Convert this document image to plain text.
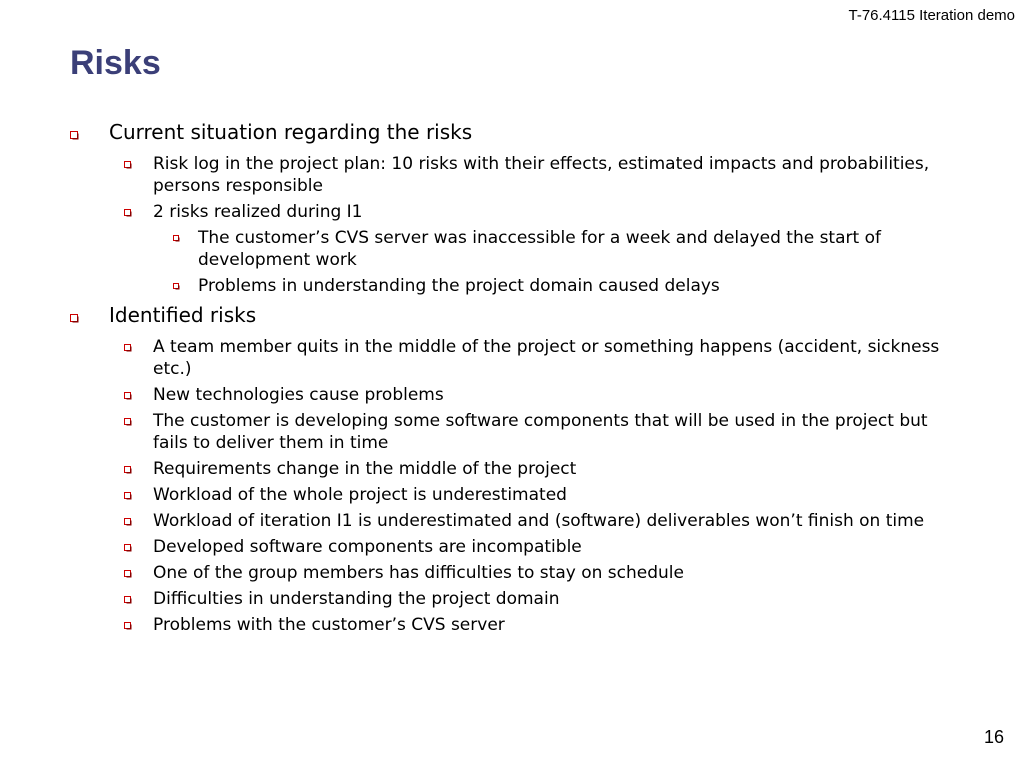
T-76.4115 Iteration demo
Risks
Current situation regarding the risks
Risk log in the project plan: 10 risks with their effects, estimated impacts and probabilities, persons responsible
2 risks realized during I1
The customer’s CVS server was inaccessible for a week and delayed the start of development work
Problems in understanding the project domain caused delays
Identified risks
A team member quits in the middle of the project or something happens (accident, sickness etc.)
New technologies cause problems
The customer is developing some software components that will be used in the project but fails to deliver them in time
Requirements change in the middle of the project
Workload of the whole project is underestimated
Workload of iteration I1 is underestimated and (software) deliverables won’t finish on time
Developed software components are incompatible
One of the group members has difficulties to stay on schedule
Difficulties in understanding the project domain
Problems with the customer’s CVS server
16
